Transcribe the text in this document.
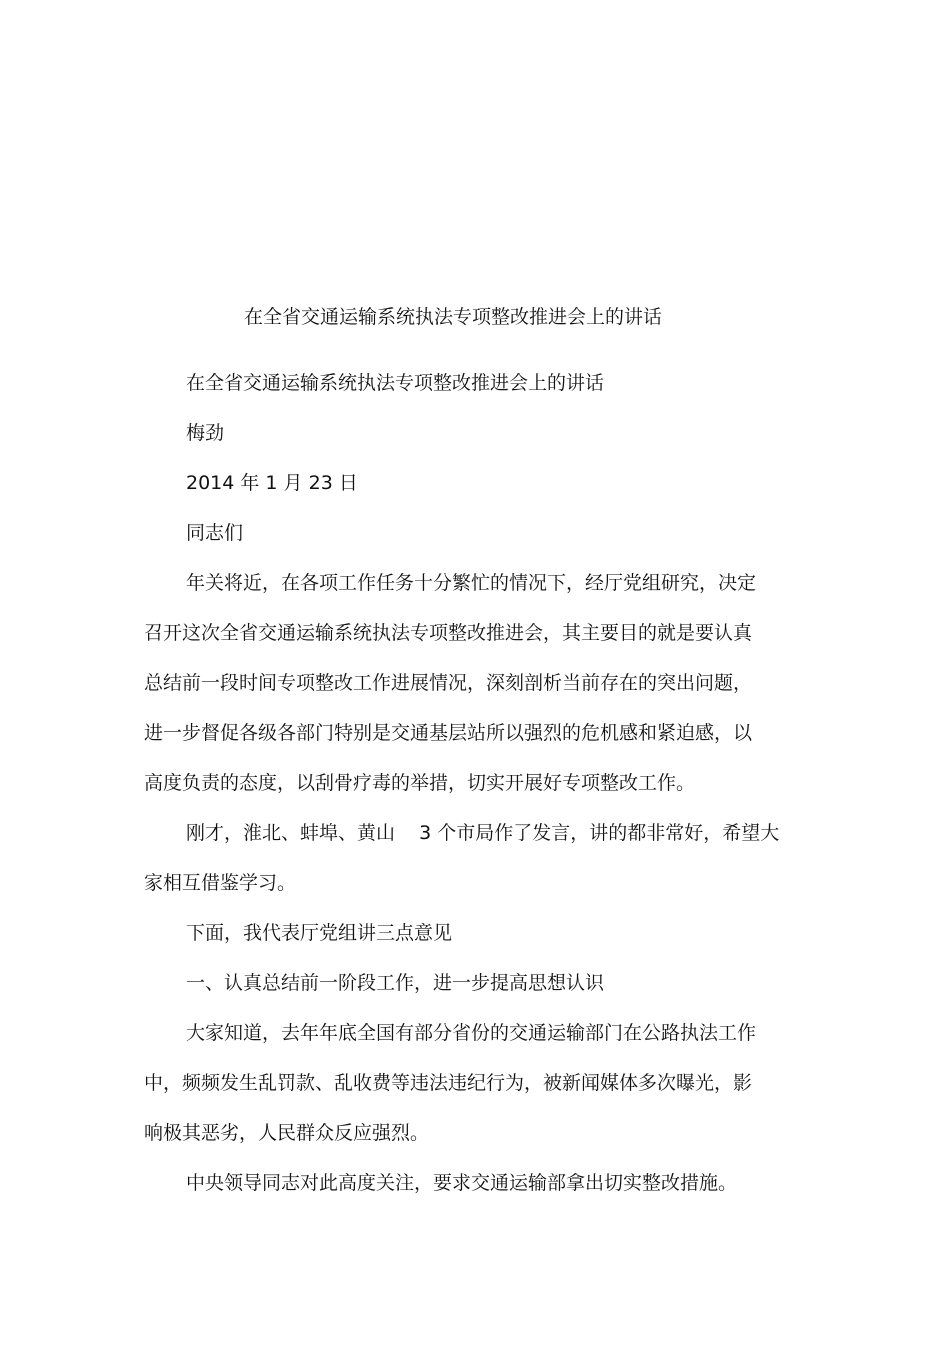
在全省交通运输系统执法专项整改推进会上的讲话
在全省交通运输系统执法专项整改推进会上的讲话
梅劲
2014 年 1 月 23 日
同志们
年关将近，在各项工作任务十分繁忙的情况下，经厅党组研究，决定
召开这次全省交通运输系统执法专项整改推进会，其主要目的就是要认真
总结前一段时间专项整改工作进展情况，深刻剖析当前存在的突出问题，
进一步督促各级各部门特别是交通基层站所以强烈的危机感和紧迫感，以
高度负责的态度，以刮骨疗毒的举措，切实开展好专项整改工作。
刚才，淮北、蚌埠、黄山    3 个市局作了发言，讲的都非常好，希望大
家相互借鉴学习。
下面，我代表厅党组讲三点意见
一、认真总结前一阶段工作，进一步提高思想认识
大家知道，去年年底全国有部分省份的交通运输部门在公路执法工作
中，频频发生乱罚款、乱收费等违法违纪行为，被新闻媒体多次曝光，影
响极其恶劣，人民群众反应强烈。
中央领导同志对此高度关注，要求交通运输部拿出切实整改措施。
